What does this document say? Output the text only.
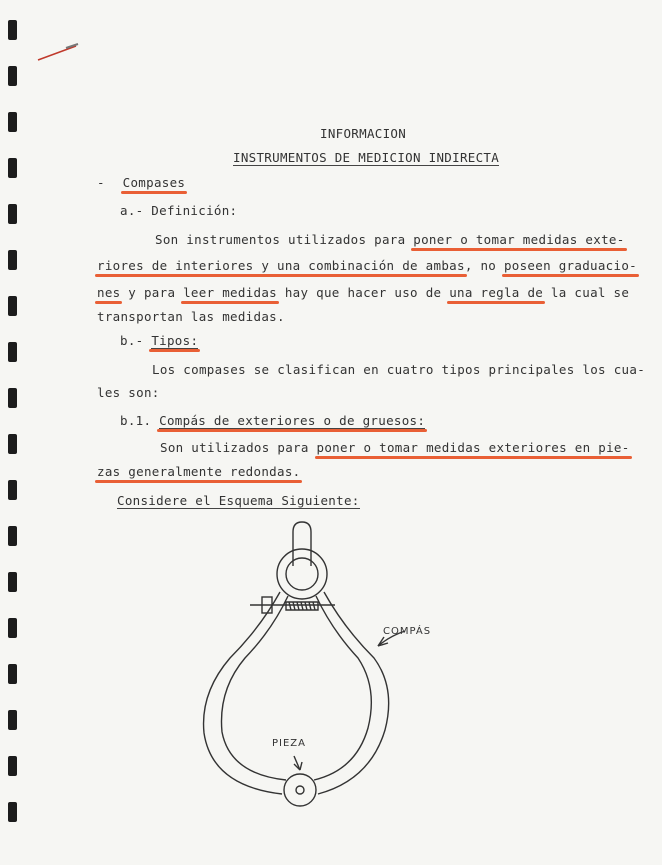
INFORMACION
INSTRUMENTOS DE MEDICION INDIRECTA
- Compases
a.- Definición:
Son instrumentos utilizados para poner o tomar medidas exte-
riores de interiores y una combinación de ambas, no poseen graduacio-
nes y para leer medidas hay que hacer uso de una regla de la cual se
transportan las medidas.
b.- Tipos:
Los compases se clasifican en cuatro tipos principales los cua-
les son:
b.1. Compás de exteriores o de gruesos:
Son utilizados para poner o tomar medidas exteriores en pie-
zas generalmente redondas.
Considere el Esquema Siguiente:
COMPÁS
PIEZA
